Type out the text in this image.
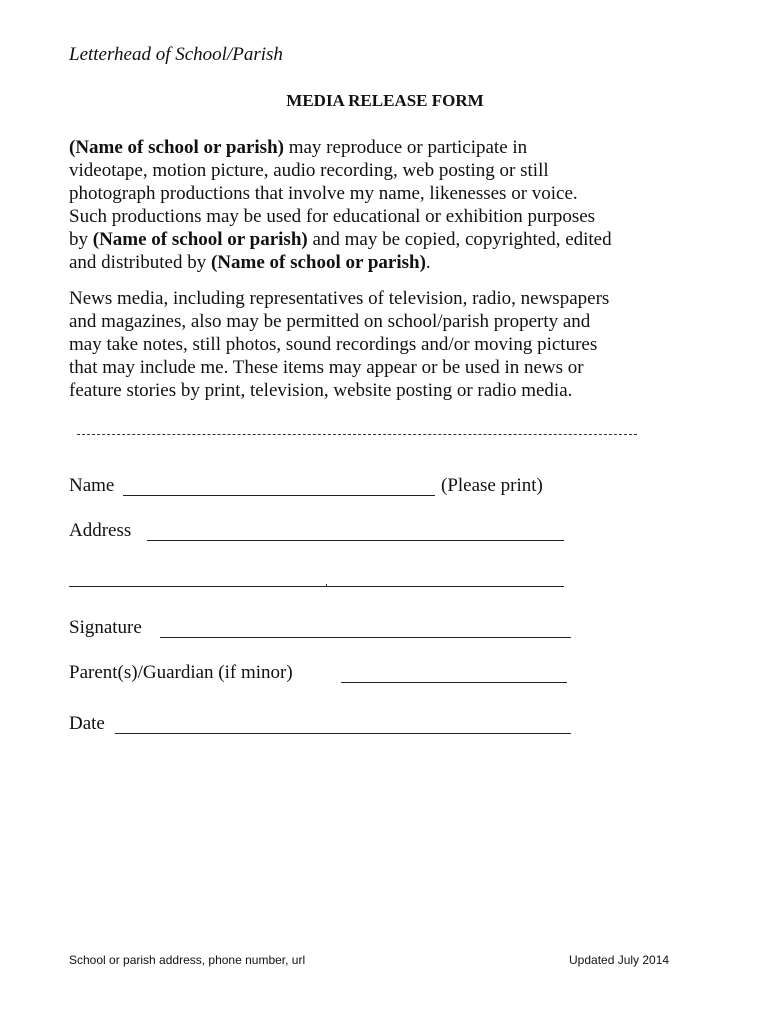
Letterhead of School/Parish
MEDIA RELEASE FORM
(Name of school or parish) may reproduce or participate in
videotape, motion picture, audio recording, web posting or still
photograph productions that involve my name, likenesses or voice.
Such productions may be used for educational or exhibition purposes
by (Name of school or parish) and may be copied, copyrighted, edited
and distributed by (Name of school or parish).
News media, including representatives of television, radio, newspapers
and magazines, also may be permitted on school/parish property and
may take notes, still photos, sound recordings and/or moving pictures
that may include me. These items may appear or be used in news or
feature stories by print, television, website posting or radio media.
Name	(Please print)
Address
Signature
Parent(s)/Guardian (if minor)
Date
School or parish address, phone number, url	Updated July 2014
